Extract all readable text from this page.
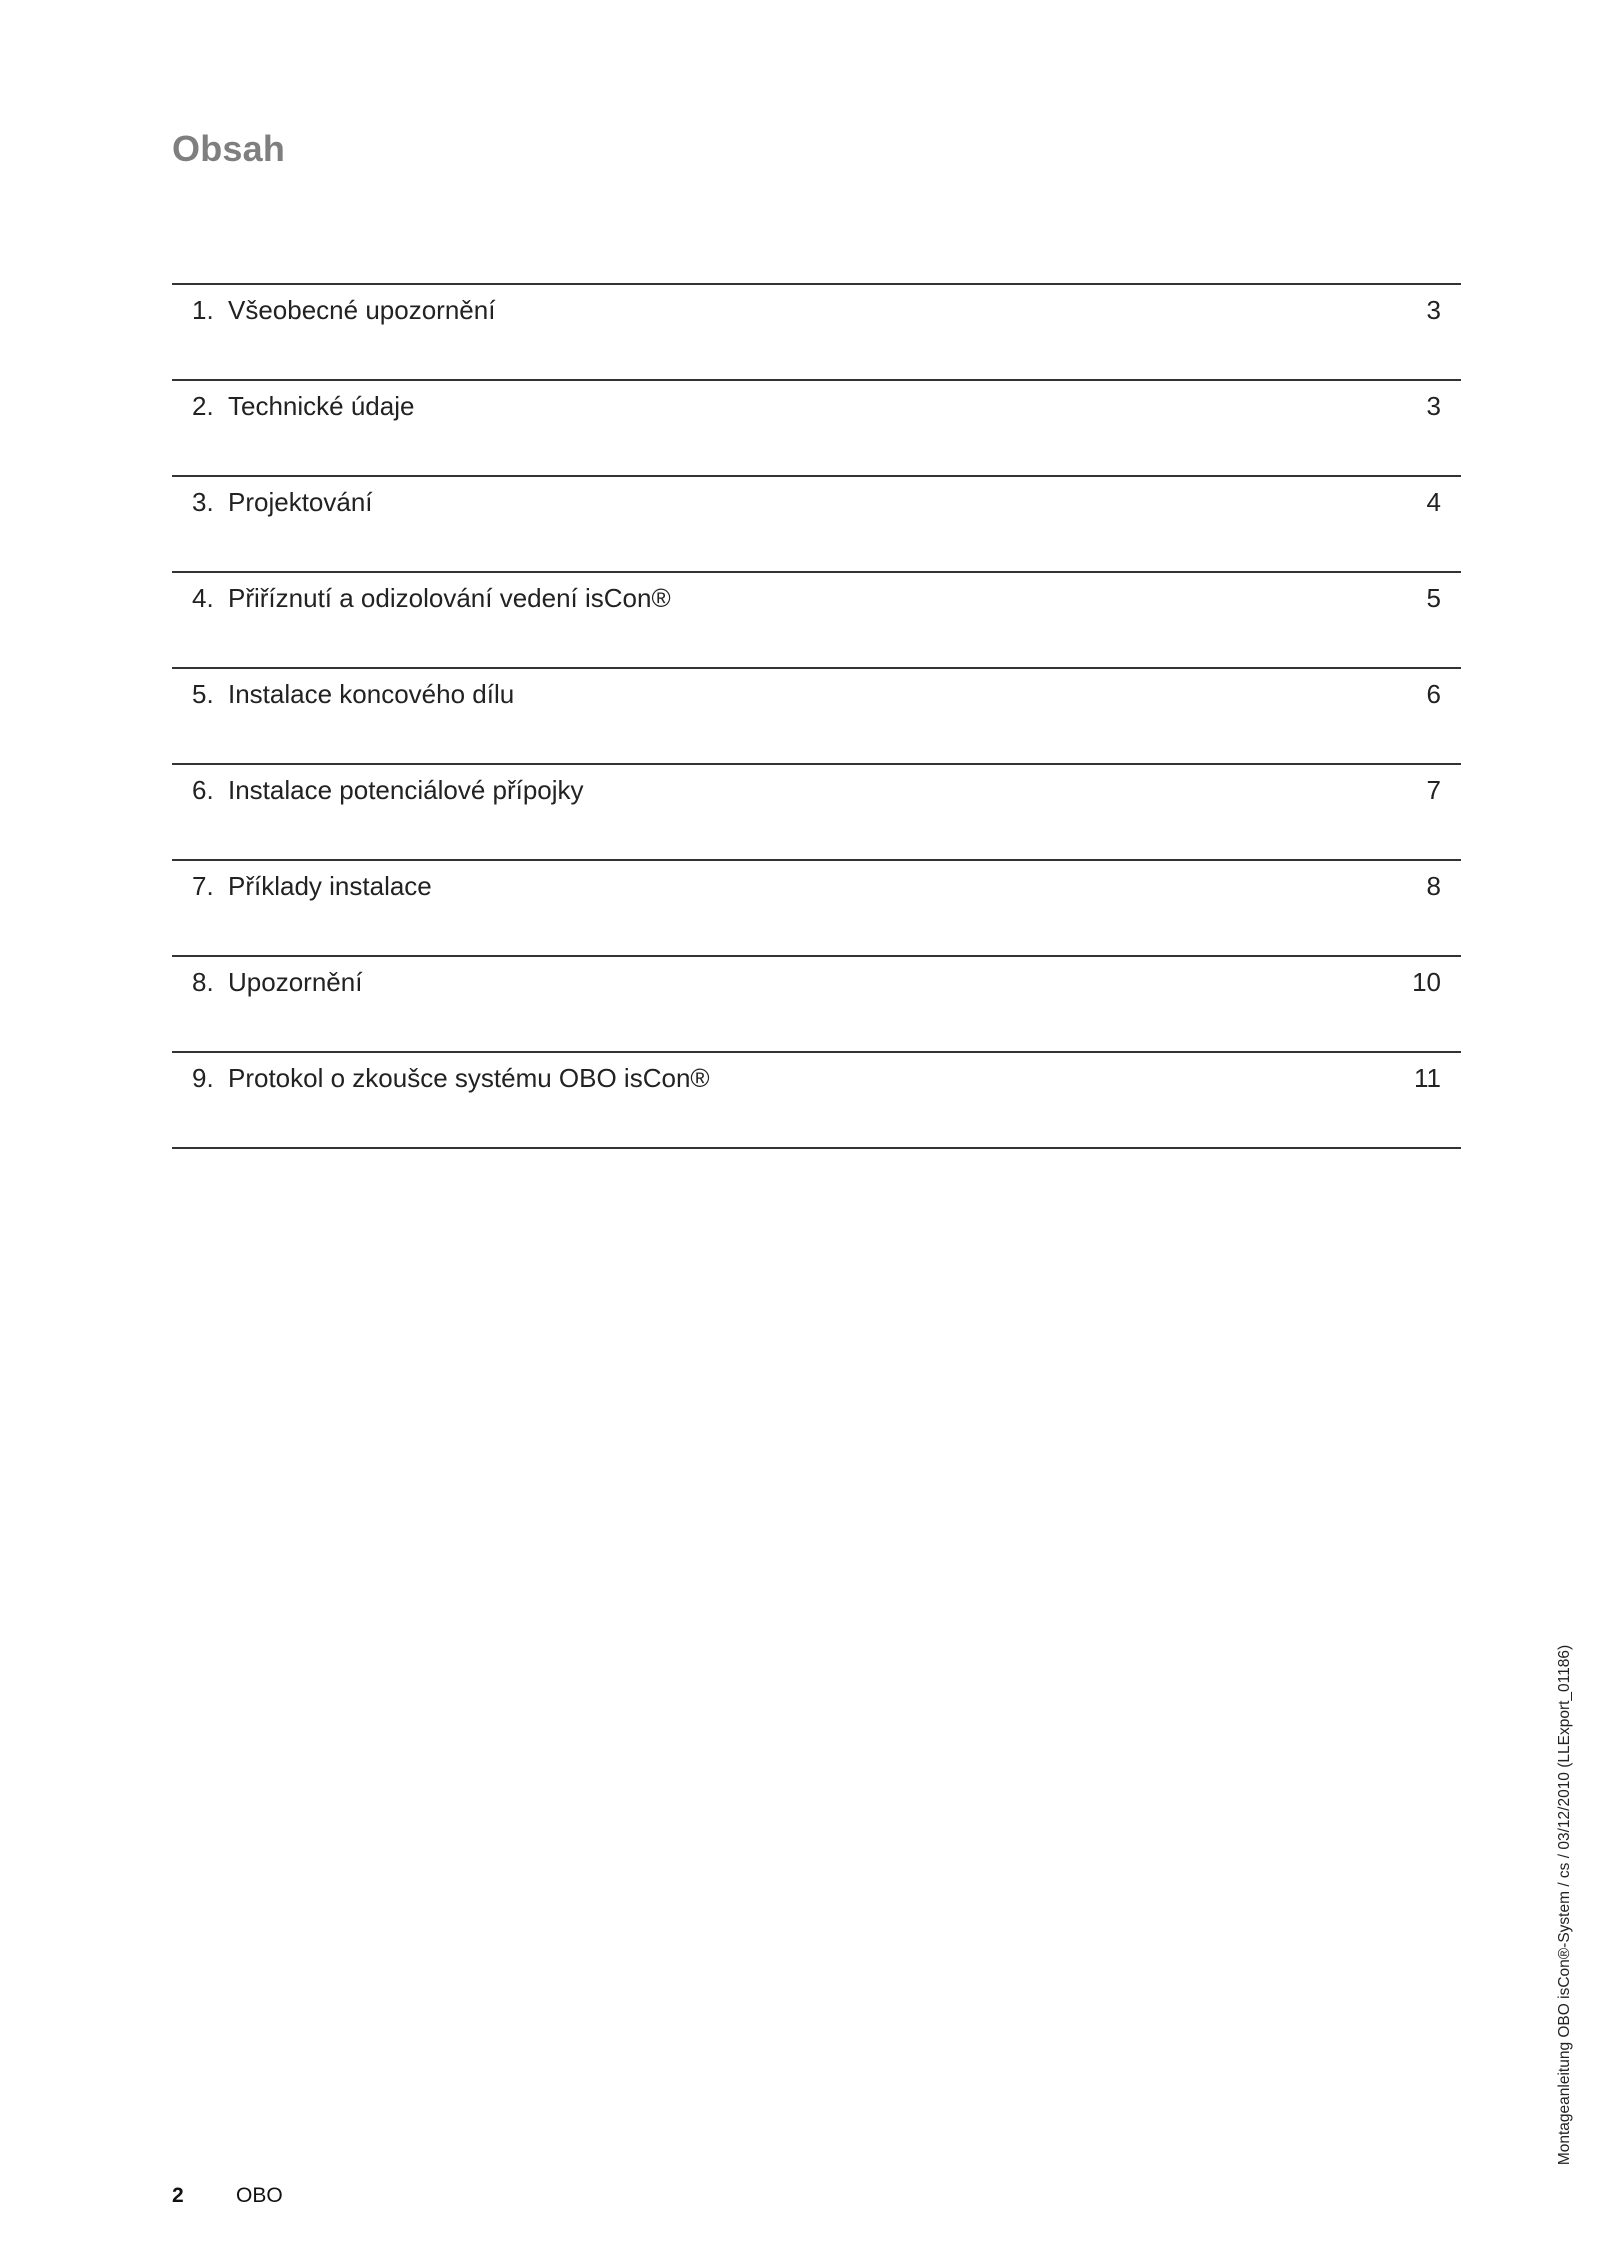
Obsah
1. Všeobecné upozornění	3
2. Technické údaje	3
3. Projektování	4
4. Přiříznutí a odizolování vedení isCon®	5
5. Instalace koncového dílu	6
6. Instalace potenciálové přípojky	7
7. Příklady instalace	8
8. Upozornění	10
9. Protokol o zkoušce systému OBO isCon®	11
Montageanleitung OBO isCon®-System / cs / 03/12/2010 (LLExport_01186)
2 OBO
